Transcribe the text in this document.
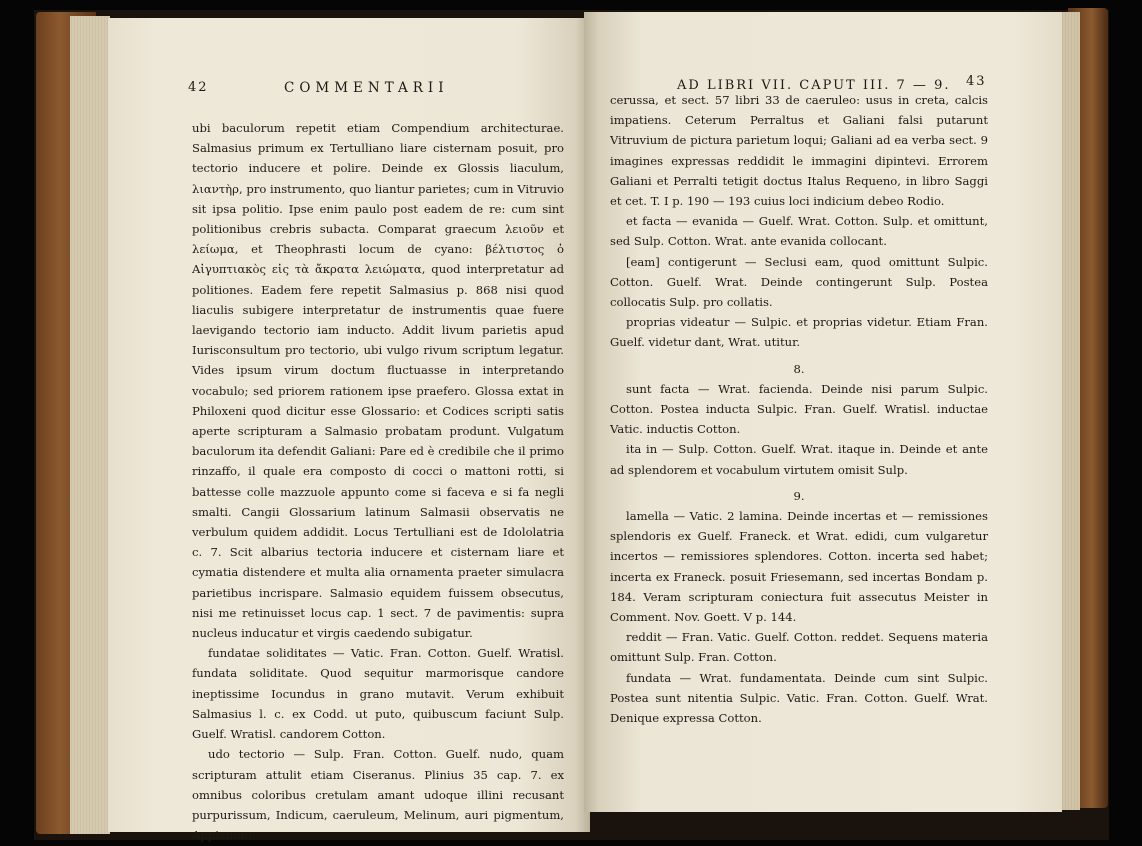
42	COMMENTARII

ubi baculorum repetit etiam Compendium architecturae. Salmasius primum ex Tertulliano liare cisternam posuit, pro tectorio inducere et polire. Deinde ex Glossis liaculum, λιαντὴρ, pro instrumento, quo liantur parietes; cum in Vitruvio sit ipsa politio. Ipse enim paulo post eadem de re: cum sint politionibus crebris subacta. Comparat graecum λειοῦν et λείωμα, et Theophrasti locum de cyano: βέλτιστος ὁ Αἰγυπτιακὸς εἰς τὰ ἄκρατα λειώματα, quod interpretatur ad politiones. Eadem fere repetit Salmasius p. 868 nisi quod liaculis subigere interpretatur de instrumentis quae fuere laevigando tectorio iam inducto. Addit livum parietis apud Iurisconsultum pro tectorio, ubi vulgo rivum scriptum legatur. Vides ipsum virum doctum fluctuasse in interpretando vocabulo; sed priorem rationem ipse praefero. Glossa extat in Philoxeni quod dicitur esse Glossario: et Codices scripti satis aperte scripturam a Salmasio probatam produnt. Vulgatum baculorum ita defendit Galiani: Pare ed è credibile che il primo rinzaffo, il quale era composto di cocci o mattoni rotti, si battesse colle mazzuole appunto come si faceva e si fa negli smalti. Cangii Glossarium latinum Salmasii observatis ne verbulum quidem addidit. Locus Tertulliani est de Idololatria c. 7. Scit albarius tectoria inducere et cisternam liare et cymatia distendere et multa alia ornamenta praeter simulacra parietibus incrispare. Salmasio equidem fuissem obsecutus, nisi me retinuisset locus cap. 1 sect. 7 de pavimentis: supra nucleus inducatur et virgis caedendo subigatur.

fundatae soliditates — Vatic. Fran. Cotton. Guelf. Wratisl. fundata soliditate. Quod sequitur marmorisque candore ineptissime Iocundus in grano mutavit. Verum exhibuit Salmasius l. c. ex Codd. ut puto, quibuscum faciunt Sulp. Guelf. Wratisl. candorem Cotton.

udo tectorio — Sulp. Fran. Cotton. Guelf. nudo, quam scripturam attulit etiam Ciseranus. Plinius 35 cap. 7. ex omnibus coloribus cretulam amant udoque illini recusant purpurissum, Indicum, caeruleum, Melinum, auri pigmentum, Appianum,

AD LIBRI VII. CAPUT III. 7 — 9. 43

cerussa, et sect. 57 libri 33 de caeruleo: usus in creta, calcis impatiens. Ceterum Perraltus et Galiani falsi putarunt Vitruvium de pictura parietum loqui; Galiani ad ea verba sect. 9 imagines expressas reddidit le immagini dipintevi. Errorem Galiani et Perralti tetigit doctus Italus Requeno, in libro Saggi et cet. T. I p. 190 — 193 cuius loci indicium debeo Rodio.

et facta — evanida — Guelf. Wrat. Cotton. Sulp. et omittunt, sed Sulp. Cotton. Wrat. ante evanida collocant.

[eam] contigerunt — Seclusi eam, quod omittunt Sulpic. Cotton. Guelf. Wrat. Deinde contingerunt Sulp. Postea collocatis Sulp. pro collatis.

proprias videatur — Sulpic. et proprias videtur. Etiam Fran. Guelf. videtur dant, Wrat. utitur.

8.

sunt facta — Wrat. facienda. Deinde nisi parum Sulpic. Cotton. Postea inducta Sulpic. Fran. Guelf. Wratisl. inductae Vatic. inductis Cotton.

ita in — Sulp. Cotton. Guelf. Wrat. itaque in. Deinde et ante ad splendorem et vocabulum virtutem omisit Sulp.

9.

lamella — Vatic. 2 lamina. Deinde incertas et — remissiones splendoris ex Guelf. Franeck. et Wrat. edidi, cum vulgaretur incertos — remissiores splendores. Cotton. incerta sed habet; incerta ex Franeck. posuit Friesemann, sed incertas Bondam p. 184. Veram scripturam coniectura fuit assecutus Meister in Comment. Nov. Goett. V p. 144.

reddit — Fran. Vatic. Guelf. Cotton. reddet. Sequens materia omittunt Sulp. Fran. Cotton.

fundata — Wrat. fundamentata. Deinde cum sint Sulpic. Postea sunt nitentia Sulpic. Vatic. Fran. Cotton. Guelf. Wrat. Denique expressa Cotton.
